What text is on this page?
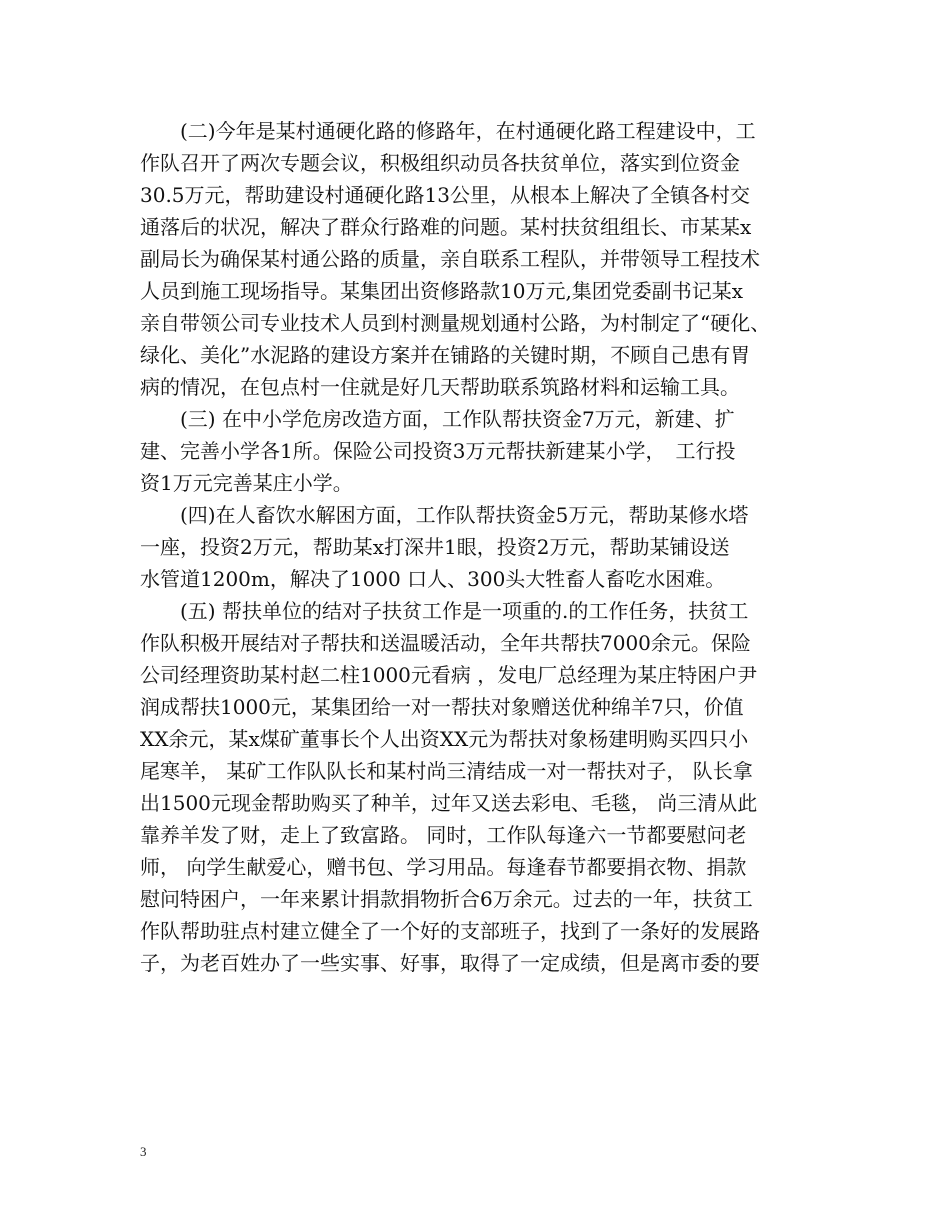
　　(二)今年是某村通硬化路的修路年，在村通硬化路工程建设中，工
作队召开了两次专题会议，积极组织动员各扶贫单位，落实到位资金
30.5万元，帮助建设村通硬化路13公里，从根本上解决了全镇各村交
通落后的状况，解决了群众行路难的问题。某村扶贫组组长、市某某x
副局长为确保某村通公路的质量，亲自联系工程队，并带领导工程技术
人员到施工现场指导。某集团出资修路款10万元,集团党委副书记某x
亲自带领公司专业技术人员到村测量规划通村公路，为村制定了“硬化、
绿化、美化”水泥路的建设方案并在铺路的关键时期，不顾自己患有胃
病的情况，在包点村一住就是好几天帮助联系筑路材料和运输工具。
　　(三) 在中小学危房改造方面，工作队帮扶资金7万元，新建、扩
建、完善小学各1所。保险公司投资3万元帮扶新建某小学，　工行投
资1万元完善某庄小学。
　　(四)在人畜饮水解困方面，工作队帮扶资金5万元，帮助某修水塔
一座，投资2万元，帮助某x打深井1眼，投资2万元，帮助某铺设送
水管道1200m，解决了1000 口人、300头大牲畜人畜吃水困难。
　　(五) 帮扶单位的结对子扶贫工作是一项重的.的工作任务，扶贫工
作队积极开展结对子帮扶和送温暖活动，全年共帮扶7000余元。保险
公司经理资助某村赵二柱1000元看病 ，发电厂总经理为某庄特困户尹
润成帮扶1000元，某集团给一对一帮扶对象赠送优种绵羊7只，价值
XX余元，某x煤矿董事长个人出资XX元为帮扶对象杨建明购买四只小
尾寒羊， 某矿工作队队长和某村尚三清结成一对一帮扶对子， 队长拿
出1500元现金帮助购买了种羊，过年又送去彩电、毛毯， 尚三清从此
靠养羊发了财，走上了致富路。 同时，工作队每逢六一节都要慰问老
师， 向学生献爱心，赠书包、学习用品。每逢春节都要捐衣物、捐款
慰问特困户，一年来累计捐款捐物折合6万余元。过去的一年，扶贫工
作队帮助驻点村建立健全了一个好的支部班子，找到了一条好的发展路
子，为老百姓办了一些实事、好事，取得了一定成绩，但是离市委的要
3
